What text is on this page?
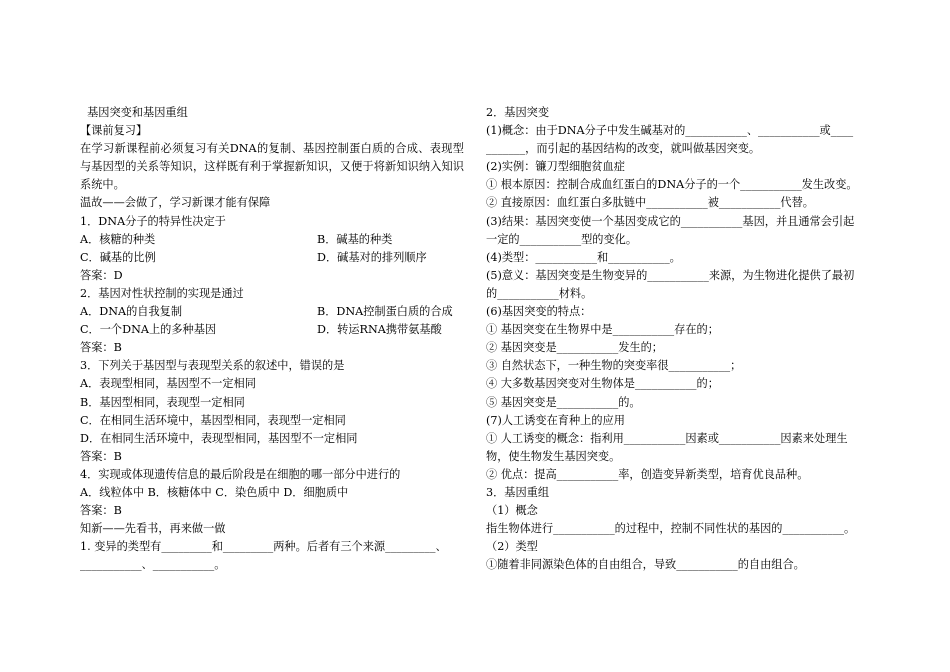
基因突变和基因重组
【课前复习】
在学习新课程前必须复习有关DNA的复制、基因控制蛋白质的合成、表现型与基因型的关系等知识，这样既有利于掌握新知识，又便于将新知识纳入知识系统中。
温故——会做了，学习新课才能有保障
1．DNA分子的特异性决定于
A．核糖的种类	B．碱基的种类
C．碱基的比例	D．碱基对的排列顺序
答案：D
2．基因对性状控制的实现是通过
A．DNA的自我复制	B．DNA控制蛋白质的合成
C．一个DNA上的多种基因	D．转运RNA携带氨基酸
答案：B
3．下列关于基因型与表现型关系的叙述中，错误的是
A．表现型相同，基因型不一定相同
B．基因型相同，表现型一定相同
C．在相同生活环境中，基因型相同，表现型一定相同
D．在相同生活环境中，表现型相同，基因型不一定相同
答案：B
4．实现或体现遗传信息的最后阶段是在细胞的哪一部分中进行的
A．线粒体中 B．核糖体中 C．染色质中 D．细胞质中
答案：B
知新——先看书，再来做一做
1. 变异的类型有_________和_________两种。后者有三个来源_________、
___________、___________。
2．基因突变
(1)概念：由于DNA分子中发生碱基对的___________、___________或____
_______，而引起的基因结构的改变，就叫做基因突变。
(2)实例：镰刀型细胞贫血症
① 根本原因：控制合成血红蛋白的DNA分子的一个___________发生改变。
② 直接原因：血红蛋白多肽链中___________被___________代替。
(3)结果：基因突变使一个基因变成它的___________基因，并且通常会引起
一定的___________型的变化。
(4)类型：___________和___________。
(5)意义：基因突变是生物变异的___________来源，为生物进化提供了最初
的___________材料。
(6)基因突变的特点：
① 基因突变在生物界中是___________存在的；
② 基因突变是___________发生的；
③ 自然状态下，一种生物的突变率很___________；
④ 大多数基因突变对生物体是___________的；
⑤ 基因突变是___________的。
(7)人工诱变在育种上的应用
① 人工诱变的概念：指利用___________因素或___________因素来处理生
物，使生物发生基因突变。
② 优点：提高___________率，创造变异新类型，培育优良品种。
3．基因重组
（1）概念
指生物体进行___________的过程中，控制不同性状的基因的___________。
（2）类型
①随着非同源染色体的自由组合，导致___________的自由组合。
